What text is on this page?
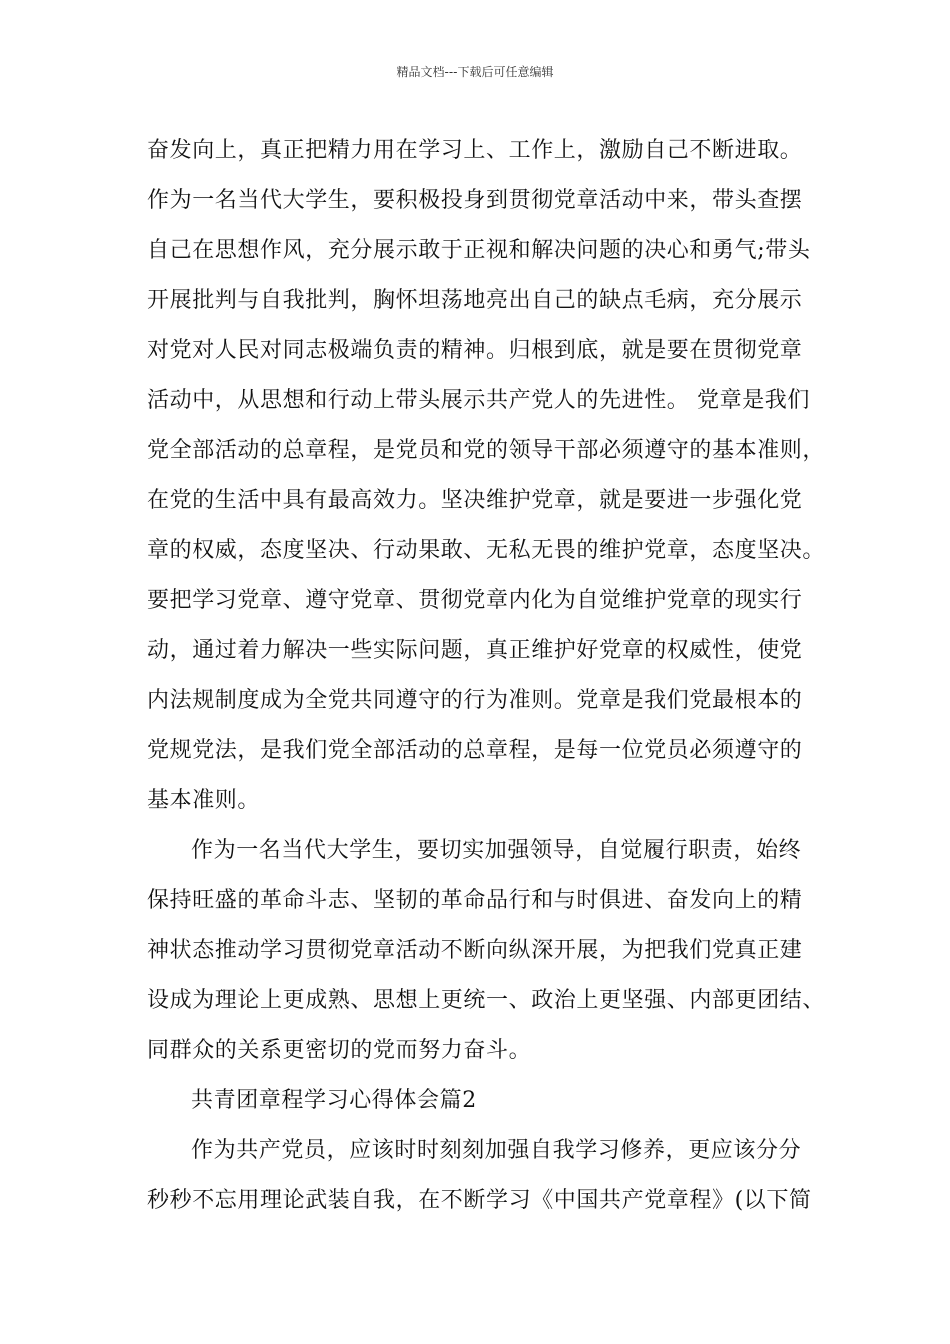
精品文档---下载后可任意编辑
奋发向上，真正把精力用在学习上、工作上，激励自己不断进取。
作为一名当代大学生，要积极投身到贯彻党章活动中来，带头查摆
自己在思想作风，充分展示敢于正视和解决问题的决心和勇气;带头
开展批判与自我批判，胸怀坦荡地亮出自己的缺点毛病，充分展示
对党对人民对同志极端负责的精神。归根到底，就是要在贯彻党章
活动中，从思想和行动上带头展示共产党人的先进性。 党章是我们
党全部活动的总章程，是党员和党的领导干部必须遵守的基本准则，
在党的生活中具有最高效力。坚决维护党章，就是要进一步强化党
章的权威，态度坚决、行动果敢、无私无畏的维护党章，态度坚决。
要把学习党章、遵守党章、贯彻党章内化为自觉维护党章的现实行
动，通过着力解决一些实际问题，真正维护好党章的权威性，使党
内法规制度成为全党共同遵守的行为准则。党章是我们党最根本的
党规党法，是我们党全部活动的总章程，是每一位党员必须遵守的
基本准则。
作为一名当代大学生，要切实加强领导，自觉履行职责，始终
保持旺盛的革命斗志、坚韧的革命品行和与时俱进、奋发向上的精
神状态推动学习贯彻党章活动不断向纵深开展，为把我们党真正建
设成为理论上更成熟、思想上更统一、政治上更坚强、内部更团结、
同群众的关系更密切的党而努力奋斗。
共青团章程学习心得体会篇2
作为共产党员，应该时时刻刻加强自我学习修养，更应该分分
秒秒不忘用理论武装自我，在不断学习《中国共产党章程》(以下简
